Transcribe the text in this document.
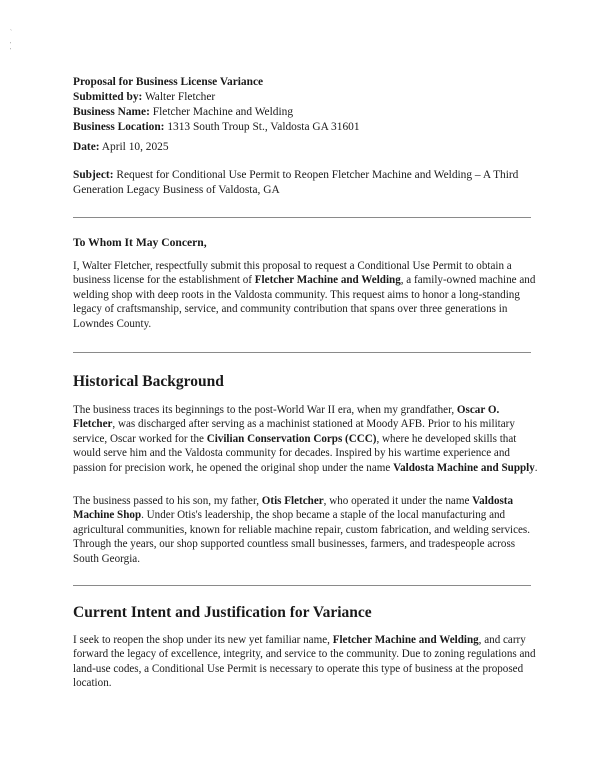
ˋ

'
'
Proposal for Business License Variance
Submitted by: Walter Fletcher
Business Name: Fletcher Machine and Welding
Business Location: 1313 South Troup St., Valdosta GA 31601
Date: April 10, 2025
Subject: Request for Conditional Use Permit to Reopen Fletcher Machine and Welding – A Third Generation Legacy Business of Valdosta, GA
To Whom It May Concern,

I, Walter Fletcher, respectfully submit this proposal to request a Conditional Use Permit to obtain a business license for the establishment of Fletcher Machine and Welding, a family-owned machine and welding shop with deep roots in the Valdosta community. This request aims to honor a long-standing legacy of craftsmanship, service, and community contribution that spans over three generations in Lowndes County.

Historical Background

The business traces its beginnings to the post-World War II era, when my grandfather, Oscar O. Fletcher, was discharged after serving as a machinist stationed at Moody AFB. Prior to his military service, Oscar worked for the Civilian Conservation Corps (CCC), where he developed skills that would serve him and the Valdosta community for decades. Inspired by his wartime experience and passion for precision work, he opened the original shop under the name Valdosta Machine and Supply.

The business passed to his son, my father, Otis Fletcher, who operated it under the name Valdosta Machine Shop. Under Otis's leadership, the shop became a staple of the local manufacturing and agricultural communities, known for reliable machine repair, custom fabrication, and welding services. Through the years, our shop supported countless small businesses, farmers, and tradespeople across South Georgia.

Current Intent and Justification for Variance

I seek to reopen the shop under its new yet familiar name, Fletcher Machine and Welding, and carry forward the legacy of excellence, integrity, and service to the community. Due to zoning regulations and land-use codes, a Conditional Use Permit is necessary to operate this type of business at the proposed location.
